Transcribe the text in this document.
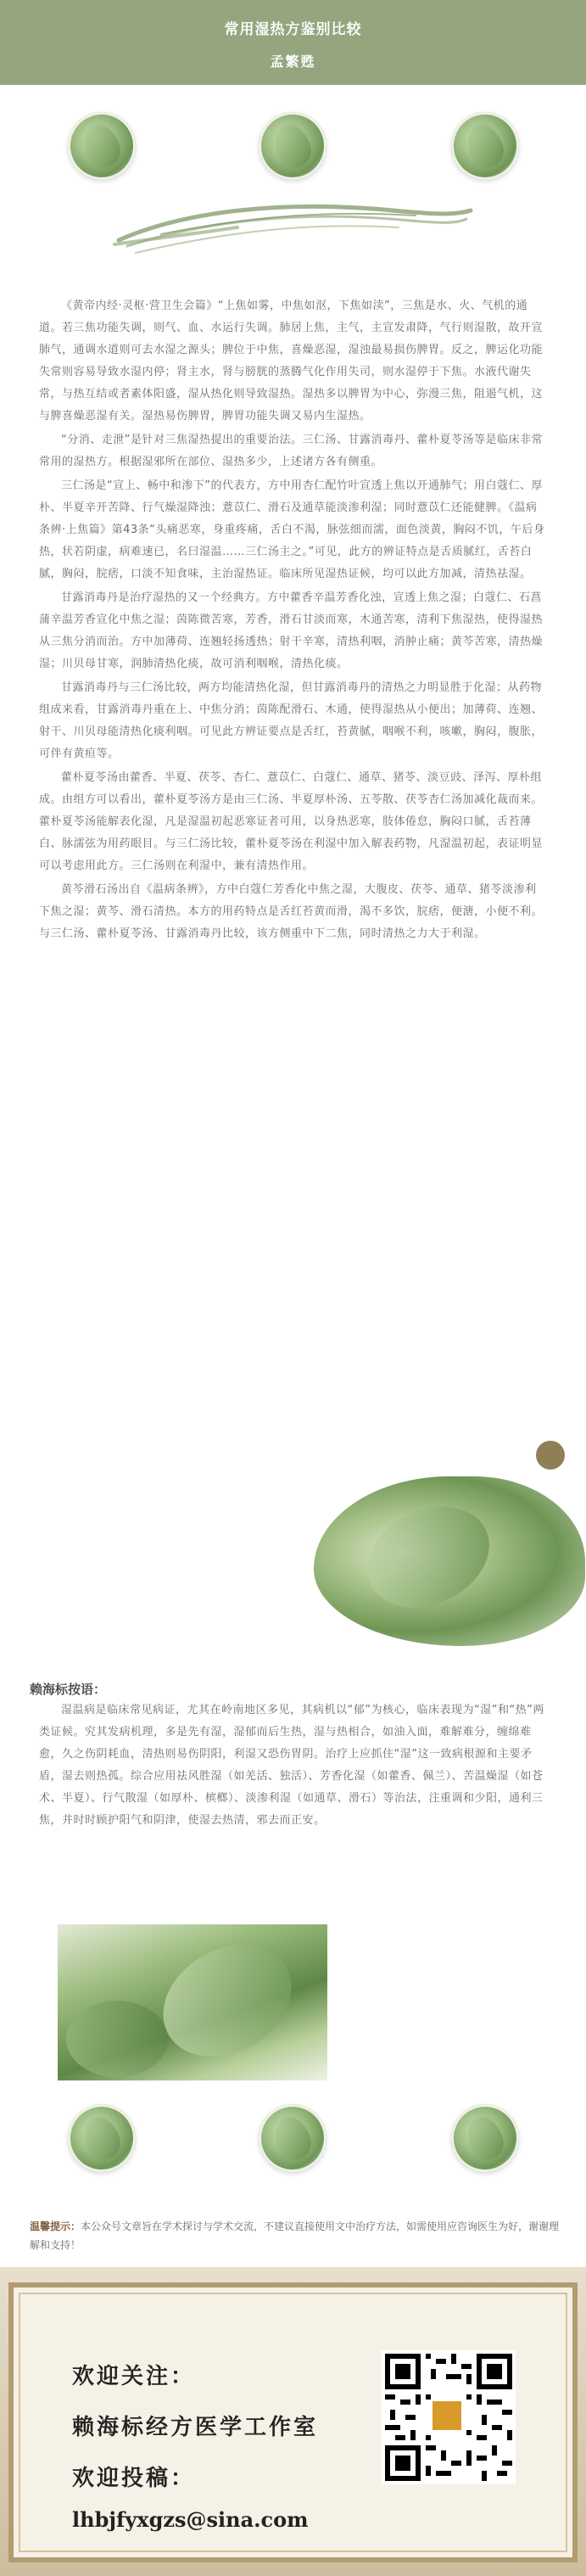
常用湿热方鉴别比较
孟繁甦

《黄帝内经·灵枢·营卫生会篇》“上焦如雾，中焦如沤，下焦如渎”，三焦是水、火、气机的通道。若三焦功能失调，则气、血、水运行失调。肺居上焦，主气，主宣发肃降，气行则湿散，故开宣肺气，通调水道则可去水湿之源头；脾位于中焦，喜燥恶湿，湿浊最易损伤脾胃。反之，脾运化功能失常则容易导致水湿内停；肾主水，肾与膀胱的蒸腾气化作用失司，则水湿停于下焦。水液代谢失常，与热互结或者素体阳盛，湿从热化则导致湿热。湿热多以脾胃为中心，弥漫三焦，阻遏气机，这与脾喜燥恶湿有关。湿热易伤脾胃，脾胃功能失调又易内生湿热。

“分消、走泄”是针对三焦湿热提出的重要治法。三仁汤、甘露消毒丹、藿朴夏苓汤等是临床非常常用的湿热方。根据湿邪所在部位、湿热多少，上述诸方各有侧重。

三仁汤是“宣上、畅中和渗下”的代表方，方中用杏仁配竹叶宣透上焦以开通肺气；用白蔻仁、厚朴、半夏辛开苦降、行气燥湿降浊；薏苡仁、滑石及通草能淡渗利湿；同时薏苡仁还能健脾。《温病条辨·上焦篇》第43条“头痛恶寒，身重疼痛，舌白不渴，脉弦细而濡，面色淡黄，胸闷不饥，午后身热，状若阴虚，病难速已，名曰湿温……三仁汤主之。”可见，此方的辨证特点是舌质腻红，舌苔白腻，胸闷，脘痞，口淡不知食味，主治湿热证。临床所见湿热证候，均可以此方加减，清热祛湿。

甘露消毒丹是治疗湿热的又一个经典方。方中藿香辛温芳香化浊，宣透上焦之湿；白蔻仁、石菖蒲辛温芳香宣化中焦之湿；茵陈微苦寒，芳香，滑石甘淡而寒，木通苦寒，清利下焦湿热，使得湿热从三焦分消而治。方中加薄荷、连翘轻扬透热；射干辛寒，清热利咽，消肿止痛；黄芩苦寒，清热燥湿；川贝母甘寒，润肺清热化痰，故可消利咽喉，清热化痰。

甘露消毒丹与三仁汤比较，两方均能清热化湿，但甘露消毒丹的清热之力明显胜于化湿；从药物组成来看，甘露消毒丹重在上、中焦分消；茵陈配滑石、木通，使得湿热从小便出；加薄荷、连翘、射干、川贝母能清热化痰利咽。可见此方辨证要点是舌红，苔黄腻，咽喉不利，咳嗽，胸闷，腹胀，可伴有黄疸等。

藿朴夏苓汤由藿香、半夏、茯苓、杏仁、薏苡仁、白蔻仁、通草、猪苓、淡豆豉、泽泻、厚朴组成。由组方可以看出，藿朴夏苓汤方是由三仁汤、半夏厚朴汤、五苓散、茯苓杏仁汤加减化裁而来。藿朴夏苓汤能解表化湿，凡是湿温初起恶寒证者可用，以身热恶寒，肢体倦怠，胸闷口腻，舌苔薄白、脉濡弦为用药眼目。与三仁汤比较，藿朴夏苓汤在利湿中加入解表药物，凡湿温初起，表证明显可以考虑用此方。三仁汤则在利湿中，兼有清热作用。

黄芩滑石汤出自《温病条辨》，方中白蔻仁芳香化中焦之湿，大腹皮、茯苓、通草、猪苓淡渗利下焦之湿；黄芩、滑石清热。本方的用药特点是舌红苔黄而滑，渴不多饮，脘痞，便溏，小便不利。与三仁汤、藿朴夏苓汤、甘露消毒丹比较，该方侧重中下二焦，同时清热之力大于利湿。

赖海标按语：

湿温病是临床常见病证，尤其在岭南地区多见，其病机以“郁”为核心，临床表现为“湿”和“热”两类证候。究其发病机理，多是先有湿，湿郁而后生热，湿与热相合，如油入面，难解难分，缠绵难愈，久之伤阴耗血，清热则易伤阴阳，利湿又恐伤胃阴。治疗上应抓住“湿”这一致病根源和主要矛盾，湿去则热孤。综合应用祛风胜湿（如羌活、独活）、芳香化湿（如藿香、佩兰）、苦温燥湿（如苍术、半夏）、行气散湿（如厚朴、槟榔）、淡渗利湿（如通草、滑石）等治法，注重调和少阳，通利三焦，并时时顾护阳气和阴津，使湿去热清，邪去而正安。

温馨提示：本公众号文章旨在学术探讨与学术交流，不建议直接使用文中治疗方法，如需使用应咨询医生为好，谢谢理解和支持！
欢迎关注：
赖海标经方医学工作室
欢迎投稿：
lhbjfyxgzs@sina.com
